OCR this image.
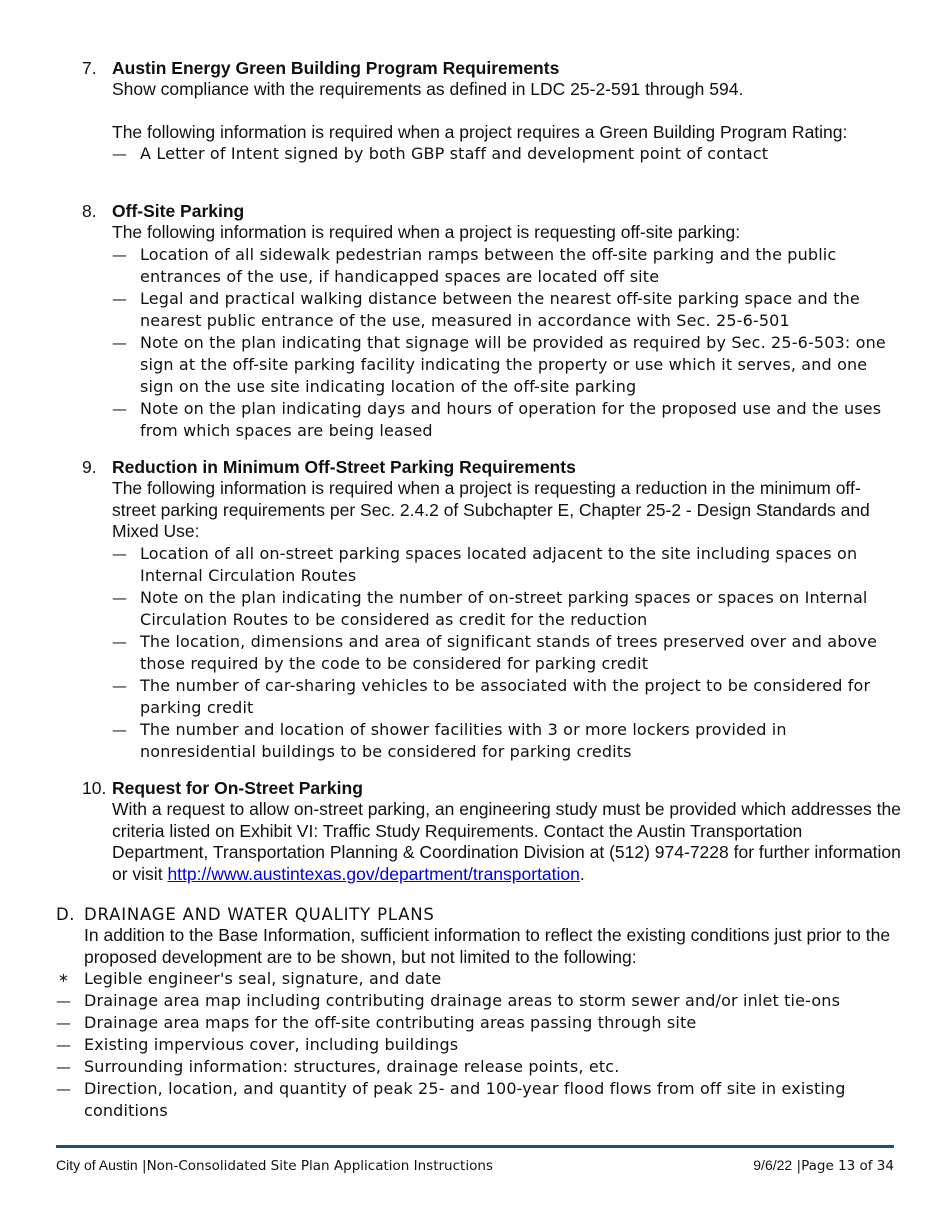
7. Austin Energy Green Building Program Requirements
Show compliance with the requirements as defined in LDC 25-2-591 through 594.
The following information is required when a project requires a Green Building Program Rating:
— A Letter of Intent signed by both GBP staff and development point of contact
8. Off-Site Parking
The following information is required when a project is requesting off-site parking:
— Location of all sidewalk pedestrian ramps between the off-site parking and the public entrances of the use, if handicapped spaces are located off site
— Legal and practical walking distance between the nearest off-site parking space and the nearest public entrance of the use, measured in accordance with Sec. 25-6-501
— Note on the plan indicating that signage will be provided as required by Sec. 25-6-503: one sign at the off-site parking facility indicating the property or use which it serves, and one sign on the use site indicating location of the off-site parking
— Note on the plan indicating days and hours of operation for the proposed use and the uses from which spaces are being leased
9. Reduction in Minimum Off-Street Parking Requirements
The following information is required when a project is requesting a reduction in the minimum off-street parking requirements per Sec. 2.4.2 of Subchapter E, Chapter 25-2 - Design Standards and Mixed Use:
— Location of all on-street parking spaces located adjacent to the site including spaces on Internal Circulation Routes
— Note on the plan indicating the number of on-street parking spaces or spaces on Internal Circulation Routes to be considered as credit for the reduction
— The location, dimensions and area of significant stands of trees preserved over and above those required by the code to be considered for parking credit
— The number of car-sharing vehicles to be associated with the project to be considered for parking credit
— The number and location of shower facilities with 3 or more lockers provided in nonresidential buildings to be considered for parking credits
10. Request for On-Street Parking
With a request to allow on-street parking, an engineering study must be provided which addresses the criteria listed on Exhibit VI: Traffic Study Requirements. Contact the Austin Transportation Department, Transportation Planning & Coordination Division at (512) 974-7228 for further information or visit http://www.austintexas.gov/department/transportation.
D. DRAINAGE AND WATER QUALITY PLANS
In addition to the Base Information, sufficient information to reflect the existing conditions just prior to the proposed development are to be shown, but not limited to the following:
∗ Legible engineer's seal, signature, and date
— Drainage area map including contributing drainage areas to storm sewer and/or inlet tie-ons
— Drainage area maps for the off-site contributing areas passing through site
— Existing impervious cover, including buildings
— Surrounding information: structures, drainage release points, etc.
— Direction, location, and quantity of peak 25- and 100-year flood flows from off site in existing conditions
City of Austin |Non-Consolidated Site Plan Application Instructions	9/6/22 |Page 13 of 34
